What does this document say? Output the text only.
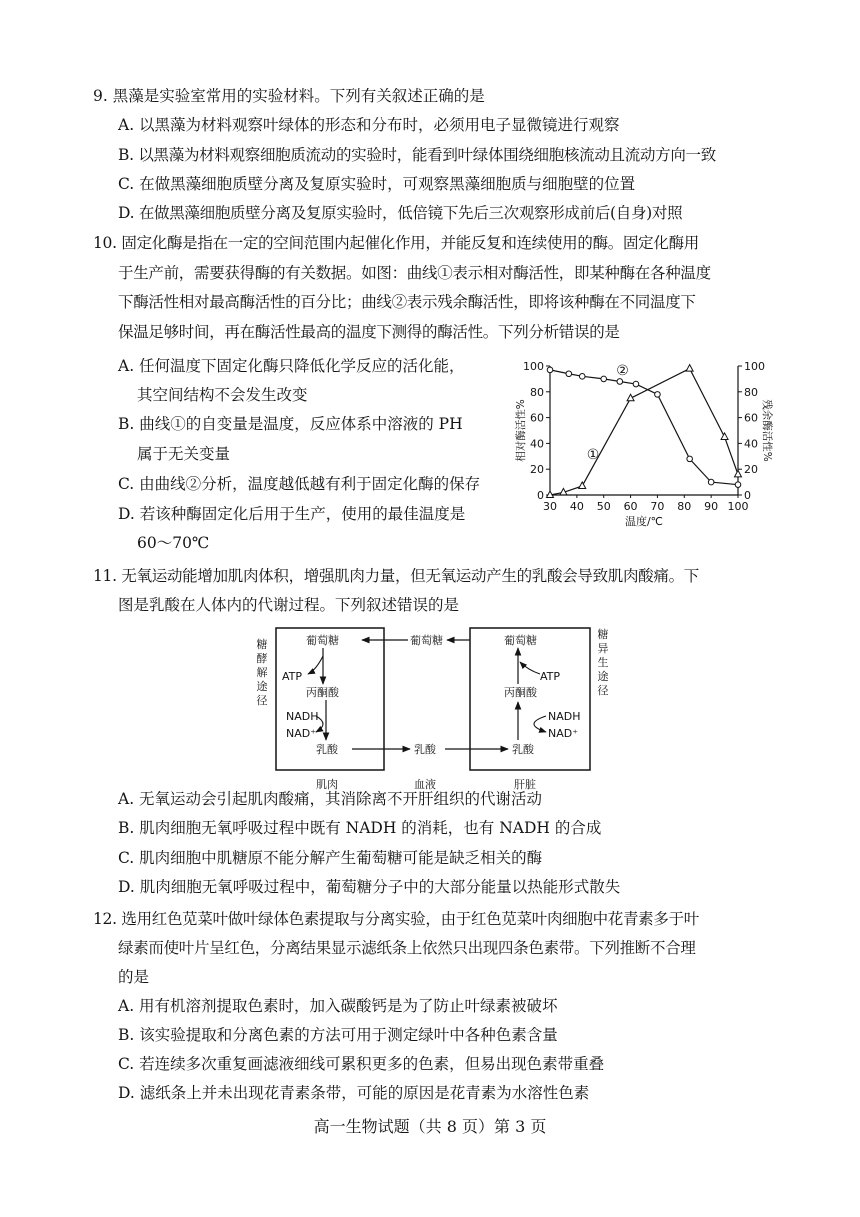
9. 黑藻是实验室常用的实验材料。下列有关叙述正确的是
A. 以黑藻为材料观察叶绿体的形态和分布时，必须用电子显微镜进行观察
B. 以黑藻为材料观察细胞质流动的实验时，能看到叶绿体围绕细胞核流动且流动方向一致
C. 在做黑藻细胞质壁分离及复原实验时，可观察黑藻细胞质与细胞壁的位置
D. 在做黑藻细胞质壁分离及复原实验时，低倍镜下先后三次观察形成前后(自身)对照
10. 固定化酶是指在一定的空间范围内起催化作用，并能反复和连续使用的酶。固定化酶用
于生产前，需要获得酶的有关数据。如图：曲线①表示相对酶活性，即某种酶在各种温度
下酶活性相对最高酶活性的百分比；曲线②表示残余酶活性，即将该种酶在不同温度下
保温足够时间，再在酶活性最高的温度下测得的酶活性。下列分析错误的是
A. 任何温度下固定化酶只降低化学反应的活化能，
其空间结构不会发生改变
B. 曲线①的自变量是温度，反应体系中溶液的 PH
属于无关变量
C. 由曲线②分析，温度越低越有利于固定化酶的保存
D. 若该种酶固定化后用于生产，使用的最佳温度是
60～70℃
0	0
20	20
40	40
60	60
80	80
100	100
30 40 50 60 70 80 90 100
温度/℃
相对酶活性%	残余酶活性%
①
②
11. 无氧运动能增加肌肉体积，增强肌肉力量，但无氧运动产生的乳酸会导致肌肉酸痛。下
图是乳酸在人体内的代谢过程。下列叙述错误的是
糖酵解途径
糖异生途径
葡萄糖
ATP
丙酮酸
NADH
NAD⁺
乳酸
葡萄糖
乳酸
葡萄糖
ATP
丙酮酸
NADH
NAD⁺
乳酸
肌肉	血液	肝脏
A. 无氧运动会引起肌肉酸痛，其消除离不开肝组织的代谢活动
B. 肌肉细胞无氧呼吸过程中既有 NADH 的消耗，也有 NADH 的合成
C. 肌肉细胞中肌糖原不能分解产生葡萄糖可能是缺乏相关的酶
D. 肌肉细胞无氧呼吸过程中，葡萄糖分子中的大部分能量以热能形式散失
12. 选用红色苋菜叶做叶绿体色素提取与分离实验，由于红色苋菜叶肉细胞中花青素多于叶
绿素而使叶片呈红色，分离结果显示滤纸条上依然只出现四条色素带。下列推断不合理
的是
A. 用有机溶剂提取色素时，加入碳酸钙是为了防止叶绿素被破坏
B. 该实验提取和分离色素的方法可用于测定绿叶中各种色素含量
C. 若连续多次重复画滤液细线可累积更多的色素，但易出现色素带重叠
D. 滤纸条上并未出现花青素条带，可能的原因是花青素为水溶性色素
高一生物试题（共 8 页）第 3 页
